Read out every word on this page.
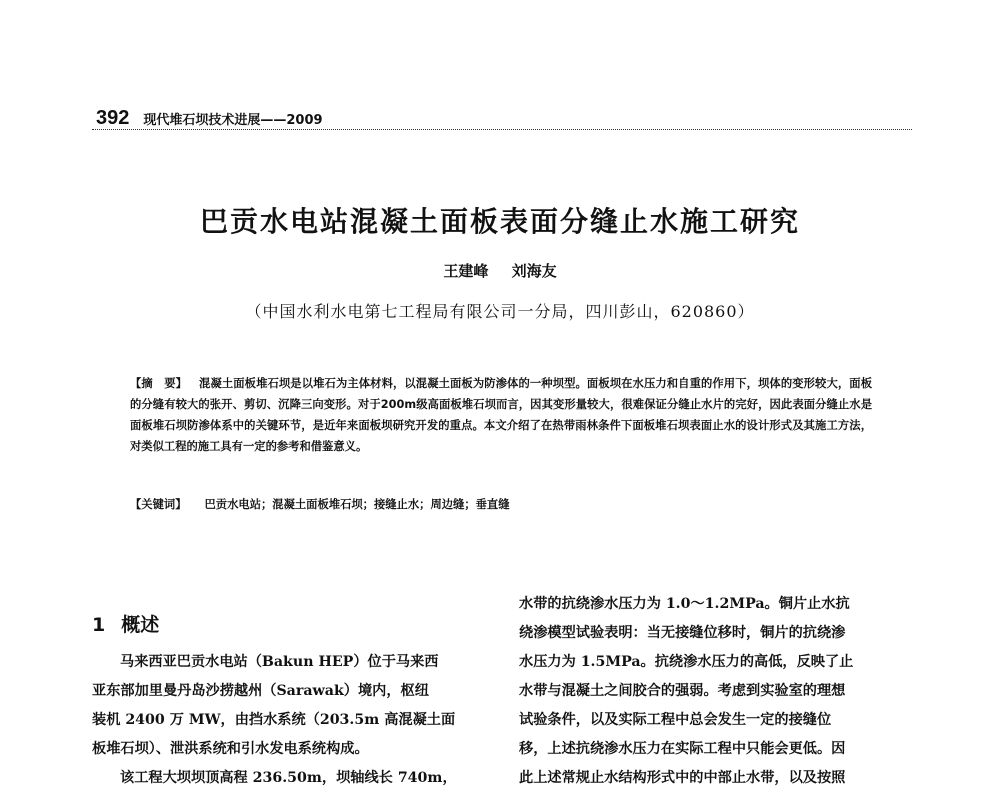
392 现代堆石坝技术进展——2009
巴贡水电站混凝土面板表面分缝止水施工研究
王建峰 刘海友
（中国水利水电第七工程局有限公司一分局，四川彭山，620860）
【摘　要】 混凝土面板堆石坝是以堆石为主体材料，以混凝土面板为防渗体的一种坝型。面板坝在水压力和自重的作用下，坝体的变形较大，面板的分缝有较大的张开、剪切、沉降三向变形。对于200m级高面板堆石坝而言，因其变形量较大，很难保证分缝止水片的完好，因此表面分缝止水是面板堆石坝防渗体系中的关键环节，是近年来面板坝研究开发的重点。本文介绍了在热带雨林条件下面板堆石坝表面止水的设计形式及其施工方法，对类似工程的施工具有一定的参考和借鉴意义。
【关键词】 巴贡水电站；混凝土面板堆石坝；接缝止水；周边缝；垂直缝
1 概述
马来西亚巴贡水电站（Bakun HEP）位于马来西
亚东部加里曼丹岛沙捞越州（Sarawak）境内，枢纽
装机 2400 万 MW，由挡水系统（203.5m 高混凝土面
板堆石坝）、泄洪系统和引水发电系统构成。
该工程大坝坝顶高程 236.50m，坝轴线长 740m，
水带的抗绕渗水压力为 1.0～1.2MPa。铜片止水抗
绕渗模型试验表明：当无接缝位移时，铜片的抗绕渗
水压力为 1.5MPa。抗绕渗水压力的高低，反映了止
水带与混凝土之间胶合的强弱。考虑到实验室的理想
试验条件，以及实际工程中总会发生一定的接缝位
移，上述抗绕渗水压力在实际工程中只能会更低。因
此上述常规止水结构形式中的中部止水带，以及按照
